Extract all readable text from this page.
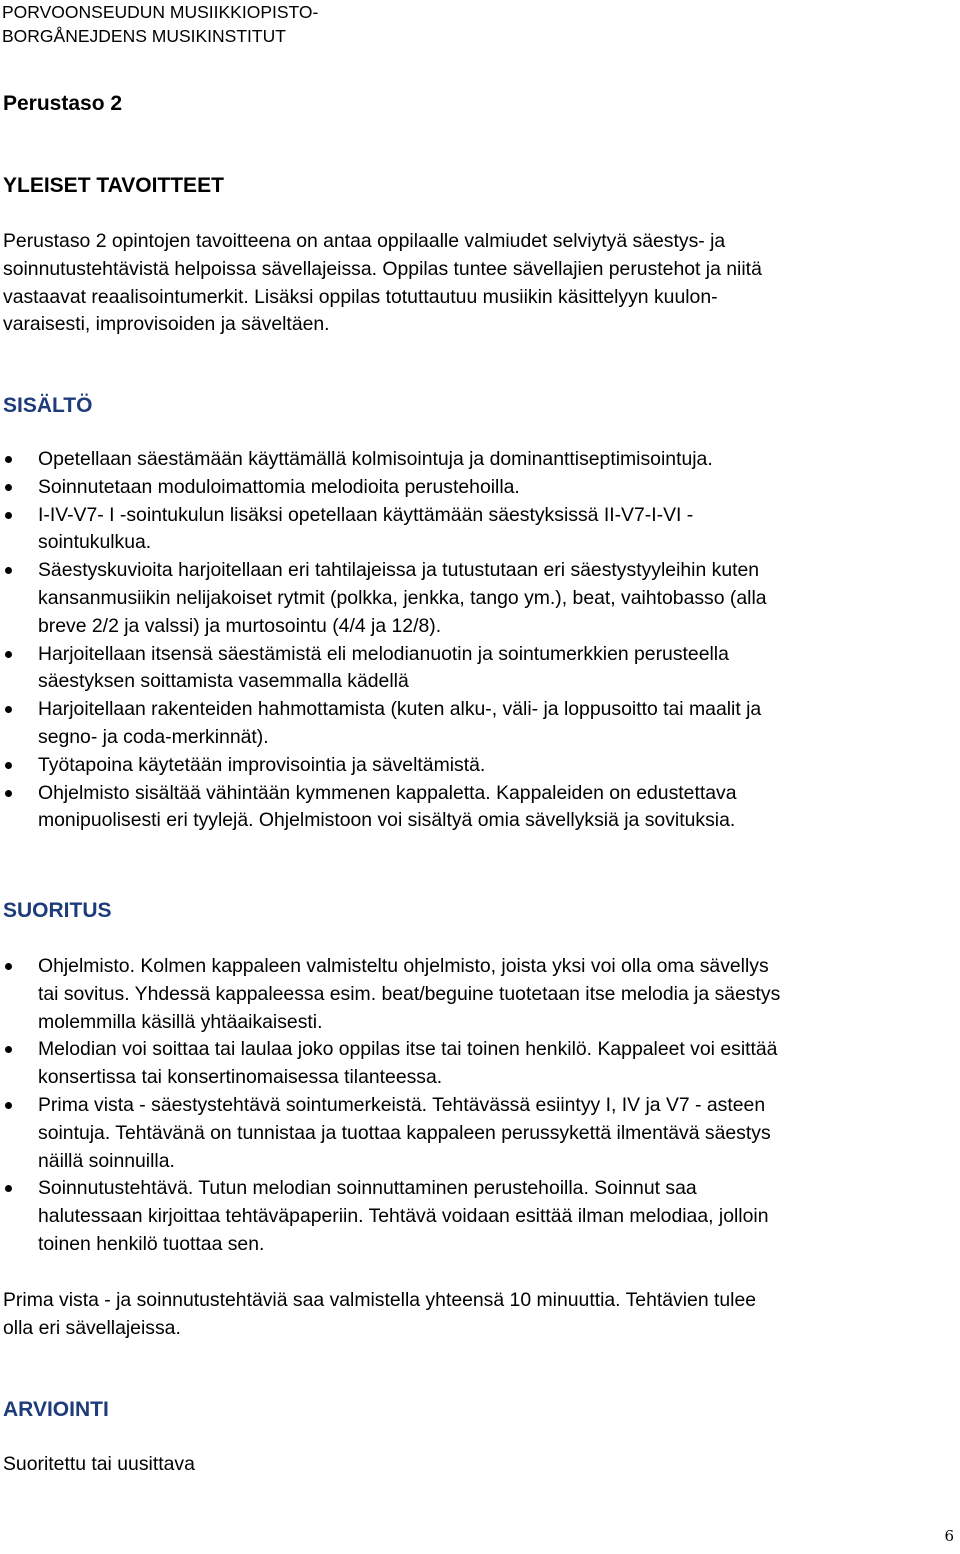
PORVOONSEUDUN MUSIIKKIOPISTO-
BORGÅNEJDENS MUSIKINSTITUT
Perustaso 2
YLEISET TAVOITTEET
Perustaso 2 opintojen tavoitteena on antaa oppilaalle valmiudet selviytyä säestys- ja
soinnutustehtävistä helpoissa sävellajeissa. Oppilas tuntee sävellajien perustehot ja niitä
vastaavat reaalisointumerkit. Lisäksi oppilas totuttautuu musiikin käsittelyyn kuulon-
varaisesti, improvisoiden ja säveltäen.
SISÄLTÖ
Opetellaan säestämään käyttämällä kolmisointuja ja dominanttiseptimisointuja.
Soinnutetaan moduloimattomia melodioita perustehoilla.
I-IV-V7- I -sointukulun lisäksi opetellaan käyttämään säestyksissä II-V7-I-VI -
sointukulkua.
Säestyskuvioita harjoitellaan eri tahtilajeissa ja tutustutaan eri säestystyyleihin kuten
kansanmusiikin nelijakoiset rytmit (polkka, jenkka, tango ym.), beat, vaihtobasso (alla
breve 2/2 ja valssi) ja murtosointu (4/4 ja 12/8).
Harjoitellaan itsensä säestämistä eli melodianuotin ja sointumerkkien perusteella
säestyksen soittamista vasemmalla kädellä
Harjoitellaan rakenteiden hahmottamista (kuten alku-, väli- ja loppusoitto tai maalit ja
segno- ja coda-merkinnät).
Työtapoina käytetään improvisointia ja säveltämistä.
Ohjelmisto sisältää vähintään kymmenen kappaletta. Kappaleiden on edustettava
monipuolisesti eri tyylejä. Ohjelmistoon voi sisältyä omia sävellyksiä ja sovituksia.
SUORITUS
Ohjelmisto. Kolmen kappaleen valmisteltu ohjelmisto, joista yksi voi olla oma sävellys
tai sovitus. Yhdessä kappaleessa esim. beat/beguine tuotetaan itse melodia ja säestys
molemmilla käsillä yhtäaikaisesti.
Melodian voi soittaa tai laulaa joko oppilas itse tai toinen henkilö. Kappaleet voi esittää
konsertissa tai konsertinomaisessa tilanteessa.
Prima vista - säestystehtävä sointumerkeistä. Tehtävässä esiintyy I, IV ja V7 - asteen
sointuja. Tehtävänä on tunnistaa ja tuottaa kappaleen perussykettä ilmentävä säestys
näillä soinnuilla.
Soinnutustehtävä. Tutun melodian soinnuttaminen perustehoilla. Soinnut saa
halutessaan kirjoittaa tehtäväpaperiin. Tehtävä voidaan esittää ilman melodiaa, jolloin
toinen henkilö tuottaa sen.
Prima vista - ja soinnutustehtäviä saa valmistella yhteensä 10 minuuttia. Tehtävien tulee
olla eri sävellajeissa.
ARVIOINTI
Suoritettu tai uusittava
6
